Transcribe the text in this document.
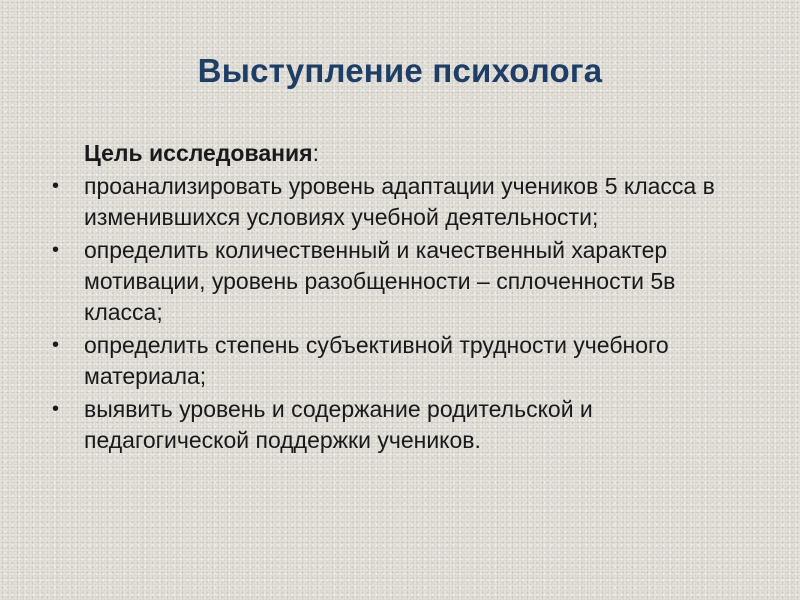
Выступление психолога
Цель исследования:
• проанализировать уровень адаптации учеников 5 класса в изменившихся условиях учебной деятельности;
• определить количественный и качественный характер мотивации, уровень разобщенности – сплоченности 5в класса;
• определить степень субъективной трудности учебного материала;
• выявить уровень и содержание родительской и педагогической поддержки учеников.
